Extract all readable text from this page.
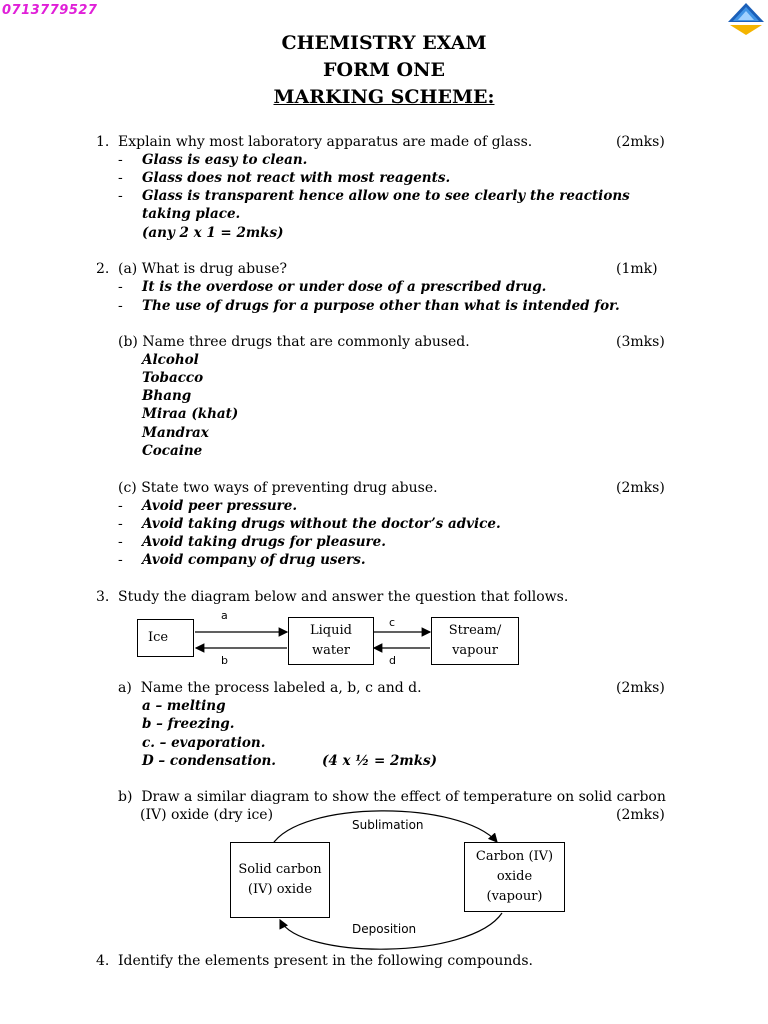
0713779527
CHEMISTRY EXAM
FORM ONE
MARKING SCHEME:
1. Explain why most laboratory apparatus are made of glass.	(2mks)
- Glass is easy to clean.
- Glass does not react with most reagents.
- Glass is transparent hence allow one to see clearly the reactions
taking place.
(any 2 x 1 = 2mks)
2. (a) What is drug abuse?	(1mk)
- It is the overdose or under dose of a prescribed drug.
- The use of drugs for a purpose other than what is intended for.
(b) Name three drugs that are commonly abused.	(3mks)
Alcohol
Tobacco
Bhang
Miraa (khat)
Mandrax
Cocaine
(c) State two ways of preventing drug abuse.	(2mks)
- Avoid peer pressure.
- Avoid taking drugs without the doctor’s advice.
- Avoid taking drugs for pleasure.
- Avoid company of drug users.
3. Study the diagram below and answer the question that follows.
Ice	Liquid
water
Stream/
vapour
a
b
c
d
a)  Name the process labeled a, b, c and d.	(2mks)
a – melting
b – freezing.
c. – evaporation.
D – condensation.	(4 x ½ = 2mks)
b)  Draw a similar diagram to show the effect of temperature on solid carbon
(IV) oxide (dry ice)	(2mks)
Solid carbon
(IV) oxide
Carbon (IV)
oxide
(vapour)
Sublimation
Deposition
4. Identify the elements present in the following compounds.
